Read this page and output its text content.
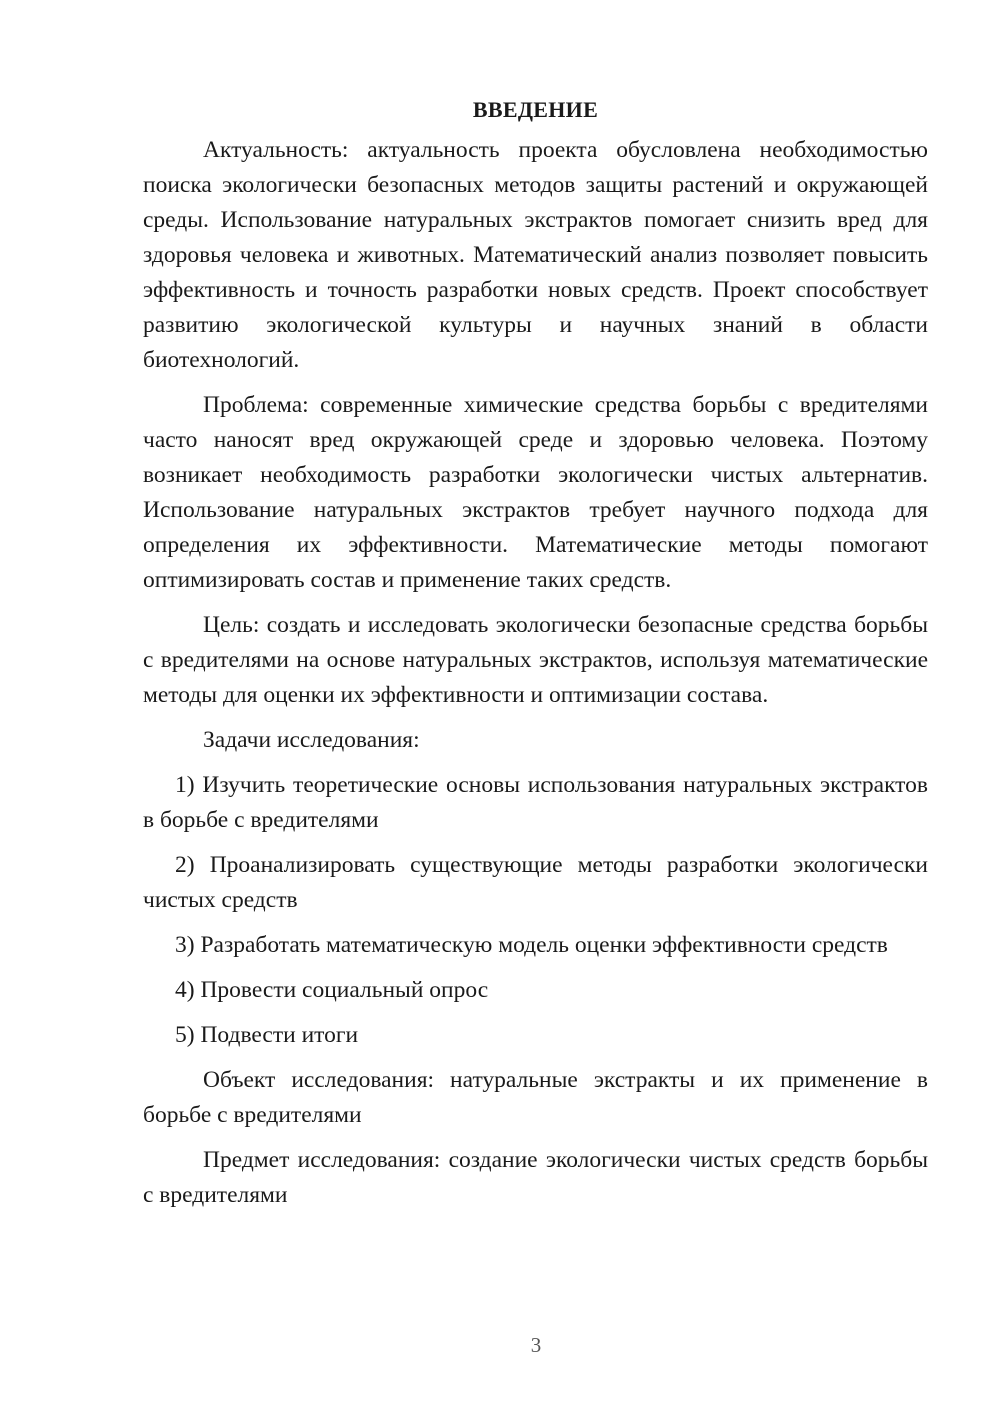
ВВЕДЕНИЕ

Актуальность: актуальность проекта обусловлена необходимостью поиска экологически безопасных методов защиты растений и окружающей среды. Использование натуральных экстрактов помогает снизить вред для здоровья человека и животных. Математический анализ позволяет повысить эффективность и точность разработки новых средств. Проект способствует развитию экологической культуры и научных знаний в области биотехнологий.

Проблема: современные химические средства борьбы с вредителями часто наносят вред окружающей среде и здоровью человека. Поэтому возникает необходимость разработки экологически чистых альтернатив. Использование натуральных экстрактов требует научного подхода для определения их эффективности. Математические методы помогают оптимизировать состав и применение таких средств.

Цель: создать и исследовать экологически безопасные средства борьбы с вредителями на основе натуральных экстрактов, используя математические методы для оценки их эффективности и оптимизации состава.

Задачи исследования:

1) Изучить теоретические основы использования натуральных экстрактов в борьбе с вредителями

2) Проанализировать существующие методы разработки экологически чистых средств

3) Разработать математическую модель оценки эффективности средств

4) Провести социальный опрос

5) Подвести итоги

Объект исследования: натуральные экстракты и их применение в борьбе с вредителями

Предмет исследования: создание экологически чистых средств борьбы с вредителями

3
